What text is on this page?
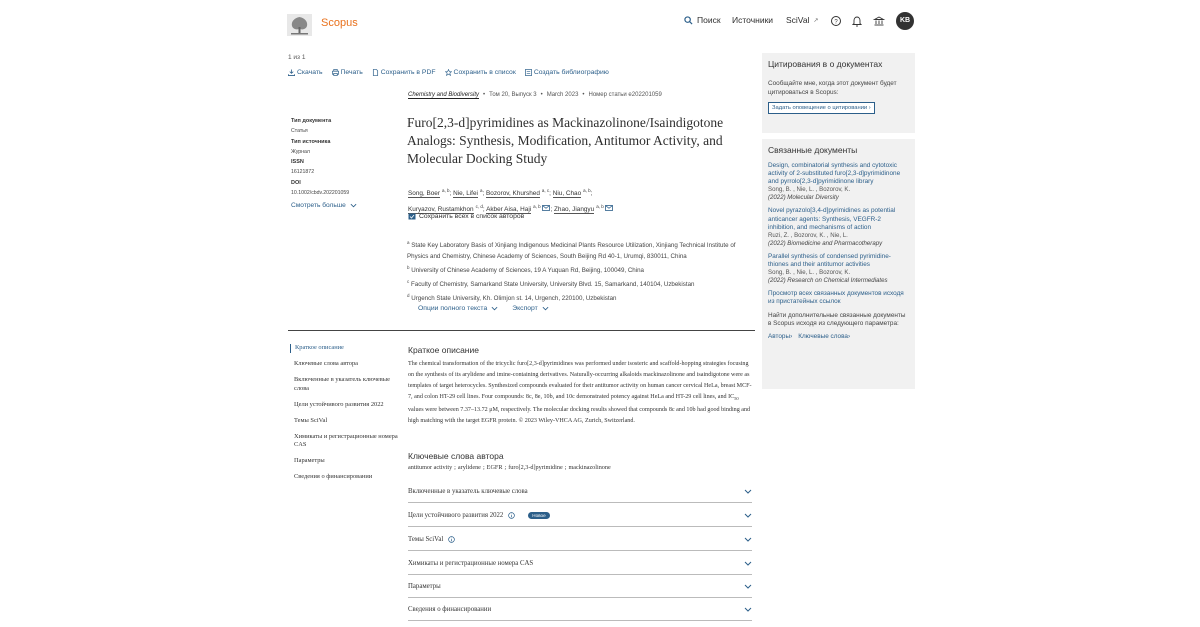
Scopus	Поиск Источники SciVal ↗	?	KB
1 из 1
Скачать	Печать	Сохранить в PDF	Сохранить в список	Создать библиографию
Тип документа
Статья
Тип источника
Журнал
ISSN
16121872
DOI
10.1002/cbdv.202201059
Смотреть больше
Chemistry and Biodiversity • Том 20, Выпуск 3 • March 2023 • Номер статьи e202201059
Furo[2,3-d]pyrimidines as Mackinazolinone/Isaindigotone Analogs: Synthesis, Modification, Antitumor Activity, and Molecular Docking Study
Song, Boer $^{a, b}$; Nie, Lifei $^a$; Bozorov, Khurshed $^{a, c}$; Niu, Chao $^{a, b}$;
Kuryazov, Rustamkhon $^{c, d}$; Akber Aisa, Haji $^{a, b}$ ; Zhao, Jiangyu $^{a, b}$
Сохранить всех в список авторов
$^a$ State Key Laboratory Basis of Xinjiang Indigenous Medicinal Plants Resource Utilization, Xinjiang Technical Institute of Physics and Chemistry, Chinese Academy of Sciences, South Beijing Rd 40-1, Urumqi, 830011, China
$^b$ University of Chinese Academy of Sciences, 19 A Yuquan Rd, Beijing, 100049, China
$^c$ Faculty of Chemistry, Samarkand State University, University Blvd. 15, Samarkand, 140104, Uzbekistan
$^d$ Urgench State University, Kh. Olimjon st. 14, Urgench, 220100, Uzbekistan
Опции полного текста	Экспорт
Краткое описание
Ключевые слова автора
Включенные в указатель ключевые слова
Цели устойчивого развития 2022
Темы SciVal
Химикаты и регистрационные номера CAS
Параметры
Сведения о финансировании
Краткое описание
The chemical transformation of the tricyclic furo[2,3-d]pyrimidines was performed under isosteric and scaffold-hopping strategies focusing on the synthesis of its arylidene and imine-containing derivatives. Naturally-occurring alkaloids mackinazolinone and isaindigotone were as templates of target heterocycles. Synthesized compounds evaluated for their antitumor activity on human cancer cervical HeLa, breast MCF-7, and colon HT-29 cell lines. Four compounds: 8c, 8e, 10b, and 10c demonstrated potency against HeLa and HT-29 cell lines, and $IC_{50}$ values were between 7.37–13.72 μM, respectively. The molecular docking results showed that compounds 8c and 10b had good binding and high matching with the target EGFR protein. © 2023 Wiley-VHCA AG, Zurich, Switzerland.
Ключевые слова автора
antitumor activity ; arylidene ; EGFR ; furo[2,3-d]pyrimidine ; mackinazolinone
Включенные в указатель ключевые слова
Цели устойчивого развития 2022	Новое
Темы SciVal
Химикаты и регистрационные номера CAS
Параметры
Сведения о финансировании
Цитирования в о документах
Сообщайте мне, когда этот документ будет цитироваться в Scopus:
Задать оповещение о цитировании ›
Связанные документы
Design, combinatorial synthesis and cytotoxic activity of 2-substituted furo[2,3-d]pyrimidinone and pyrrolo[2,3-d]pyrimidinone library
Song, B. , Nie, L. , Bozorov, K.
(2022) Molecular Diversity
Novel pyrazolo[3,4-d]pyrimidines as potential anticancer agents: Synthesis, VEGFR-2 inhibition, and mechanisms of action
Ruzi, Z. , Bozorov, K. , Nie, L.
(2022) Biomedicine and Pharmacotherapy
Parallel synthesis of condensed pyrimidine-thiones and their antitumor activities
Song, B. , Nie, L. , Bozorov, K.
(2022) Research on Chemical Intermediates
Просмотр всех связанных документов исходя из пристатейных ссылок
Найти дополнительные связанные документы в Scopus исходя из следующего параметра:
Авторы› Ключевые слова›
